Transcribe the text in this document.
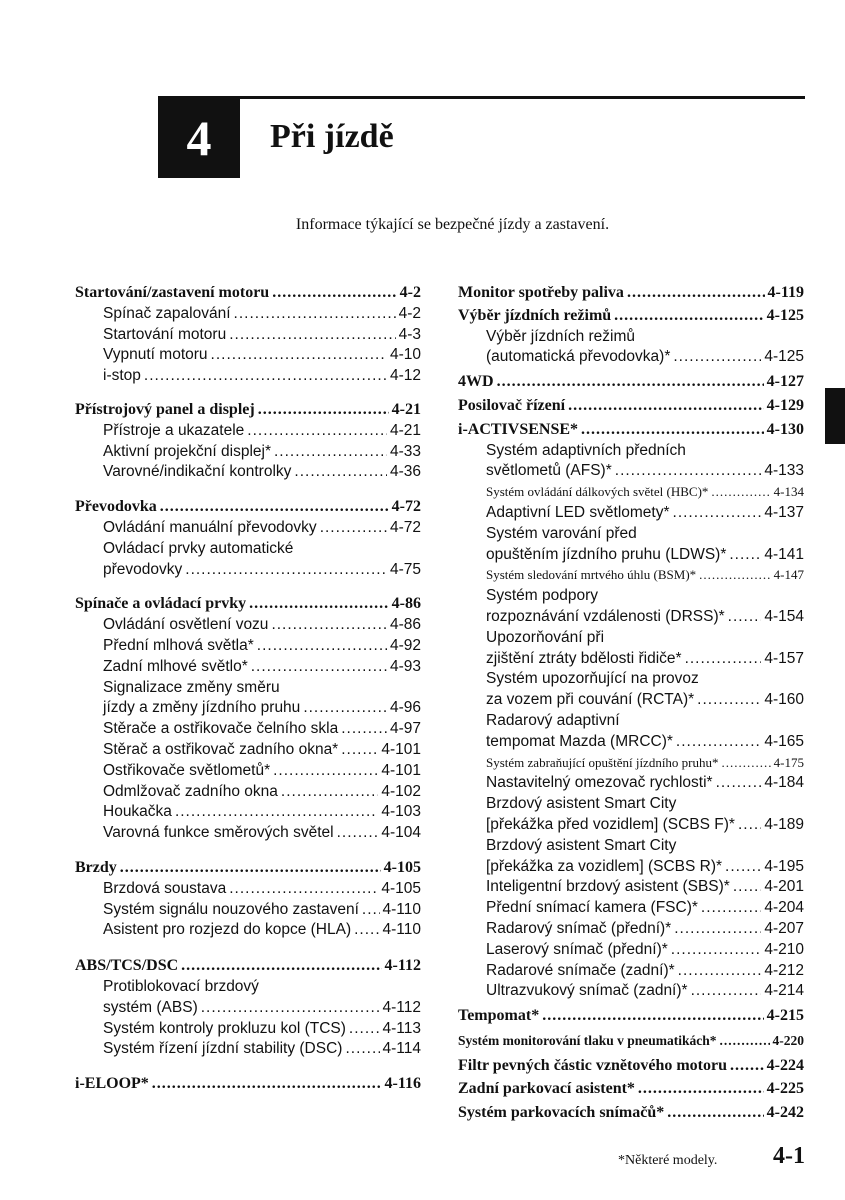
4 Při jízdě
Informace týkající se bezpečné jízdy a zastavení.
Startování/zastavení motoru .....	4-2
Spínač zapalování .....	4-2
Startování motoru .....	4-3
Vypnutí motoru .....	4-10
i-stop .....	4-12
Přístrojový panel a displej .....	4-21
Přístroje a ukazatele .....	4-21
Aktivní projekční displej* .....	4-33
Varovné/indikační kontrolky .....	4-36
Převodovka .....	4-72
Ovládání manuální převodovky .....	4-72
Ovládací prvky automatické
převodovky .....	4-75
Spínače a ovládací prvky .....	4-86
Ovládání osvětlení vozu .....	4-86
Přední mlhová světla* .....	4-92
Zadní mlhové světlo* .....	4-93
Signalizace změny směru
jízdy a změny jízdního pruhu .....	4-96
Stěrače a ostřikovače čelního skla .....	4-97
Stěrač a ostřikovač zadního okna* .....	4-101
Ostřikovače světlometů* .....	4-101
Odmlžovač zadního okna .....	4-102
Houkačka .....	4-103
Varovná funkce směrových světel .....	4-104
Brzdy .....	4-105
Brzdová soustava .....	4-105
Systém signálu nouzového zastavení ..... 4-110
Asistent pro rozjezd do kopce (HLA) ..... 4-110
ABS/TCS/DSC .....	4-112
Protiblokovací brzdový
systém (ABS) .....	4-112
Systém kontroly prokluzu kol (TCS) ..... 4-113
Systém řízení jízdní stability (DSC) .....	4-114
i-ELOOP* .....	4-116
Monitor spotřeby paliva .....	4-119
Výběr jízdních režimů .....	4-125
Výběr jízdních režimů
(automatická převodovka)* .....	4-125
4WD .....	4-127
Posilovač řízení .....	4-129
i-ACTIVSENSE* .....	4-130
Systém adaptivních předních
světlometů (AFS)* .....	4-133
Systém ovládání dálkových světel (HBC)* .....	4-134
Adaptivní LED světlomety* .....	4-137
Systém varování před
opuštěním jízdního pruhu (LDWS)* ..... 4-141
Systém sledování mrtvého úhlu (BSM)* .....	4-147
Systém podpory
rozpoznávání vzdálenosti (DRSS)* .....	4-154
Upozorňování při
zjištění ztráty bdělosti řidiče* .....	4-157
Systém upozorňující na provoz
za vozem při couvání (RCTA)* .....	4-160
Radarový adaptivní
tempomat Mazda (MRCC)* .....	4-165
Systém zabraňující opuštění jízdního pruhu* .....	4-175
Nastavitelný omezovač rychlosti* .....	4-184
Brzdový asistent Smart City
[překážka před vozidlem] (SCBS F)* ..... 4-189
Brzdový asistent Smart City
[překážka za vozidlem] (SCBS R)* .....	4-195
Inteligentní brzdový asistent (SBS)* ..... 4-201
Přední snímací kamera (FSC)* .....	4-204
Radarový snímač (přední)* .....	4-207
Laserový snímač (přední)* .....	4-210
Radarové snímače (zadní)* .....	4-212
Ultrazvukový snímač (zadní)* .....	4-214
Tempomat* .....	4-215
Systém monitorování tlaku v pneumatikách* .....	4-220
Filtr pevných částic vznětového motoru ..... 4-224
Zadní parkovací asistent* .....	4-225
Systém parkovacích snímačů* .....	4-242
*Některé modely. 4-1
